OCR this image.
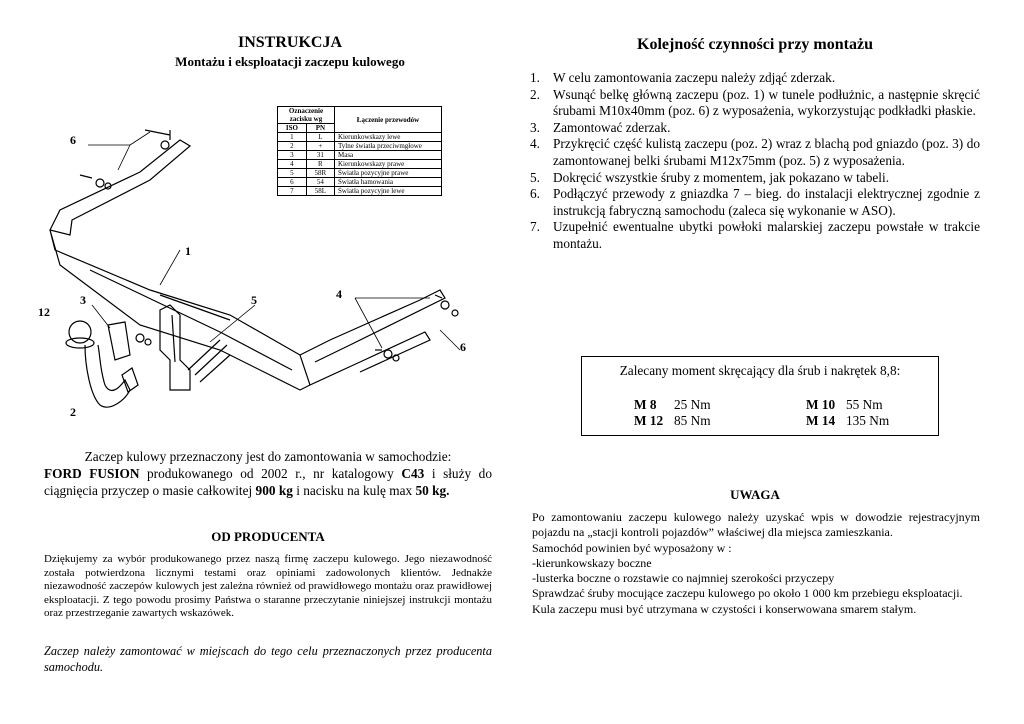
INSTRUKCJA
Montażu i eksploatacji zaczepu kulowego
6
1
3	5	4
12
6
2
Oznaczenie zacisku wg		Łączenie przewodów
ISO	PN	
1	L	Kierunkowskazy lewe
2	+	Tylne światła przeciwmgłowe
3	31	Masa
4	R	Kierunkowskazy prawe
5	58R	Światła pozycyjne prawe
6	54	Światła hamowania
7	58L	Światła pozycyjne lewe
Zaczep kulowy przeznaczony jest do zamontowania w samochodzie:
FORD FUSION produkowanego od 2002 r., nr katalogowy C43 i służy do ciągnięcia przyczep o masie całkowitej 900 kg i nacisku na kulę max 50 kg.
OD PRODUCENTA
Dziękujemy za wybór produkowanego przez naszą firmę zaczepu kulowego. Jego niezawodność została potwierdzona licznymi testami oraz opiniami zadowolonych klientów. Jednakże niezawodność zaczepów kulowych jest zależna również od prawidłowego montażu oraz prawidłowej eksploatacji. Z tego powodu prosimy Państwa o staranne przeczytanie niniejszej instrukcji montażu oraz przestrzeganie zawartych wskazówek.
Zaczep należy zamontować w miejscach do tego celu przeznaczonych przez producenta samochodu.
Kolejność czynności przy montażu
1. W celu zamontowania zaczepu należy zdjąć zderzak.
2. Wsunąć belkę główną zaczepu (poz. 1) w tunele podłużnic, a następnie skręcić śrubami M10x40mm (poz. 6) z wyposażenia, wykorzystując podkładki płaskie.
3. Zamontować zderzak.
4. Przykręcić część kulistą zaczepu (poz. 2) wraz z blachą pod gniazdo (poz. 3) do zamontowanej belki śrubami M12x75mm (poz. 5) z wyposażenia.
5. Dokręcić wszystkie śruby z momentem, jak pokazano w tabeli.
6. Podłączyć przewody z gniazdka 7 – bieg. do instalacji elektrycznej zgodnie z instrukcją fabryczną samochodu (zaleca się wykonanie w ASO).
7. Uzupełnić ewentualne ubytki powłoki malarskiej zaczepu powstałe w trakcie montażu.
Zalecany moment skręcający dla śrub i nakrętek 8,8:
M 8 25 Nm	M 10 55 Nm
M 12 85 Nm	M 14 135 Nm
UWAGA

Po zamontowaniu zaczepu kulowego należy uzyskać wpis w dowodzie rejestracyjnym pojazdu na „stacji kontroli pojazdów” właściwej dla miejsca zamieszkania.

Samochód powinien być wyposażony w :

-kierunkowskazy boczne

-lusterka boczne o rozstawie co najmniej szerokości przyczepy

Sprawdzać śruby mocujące zaczepu kulowego po około 1 000 km przebiegu eksploatacji.

Kula zaczepu musi być utrzymana w czystości i konserwowana smarem stałym.
